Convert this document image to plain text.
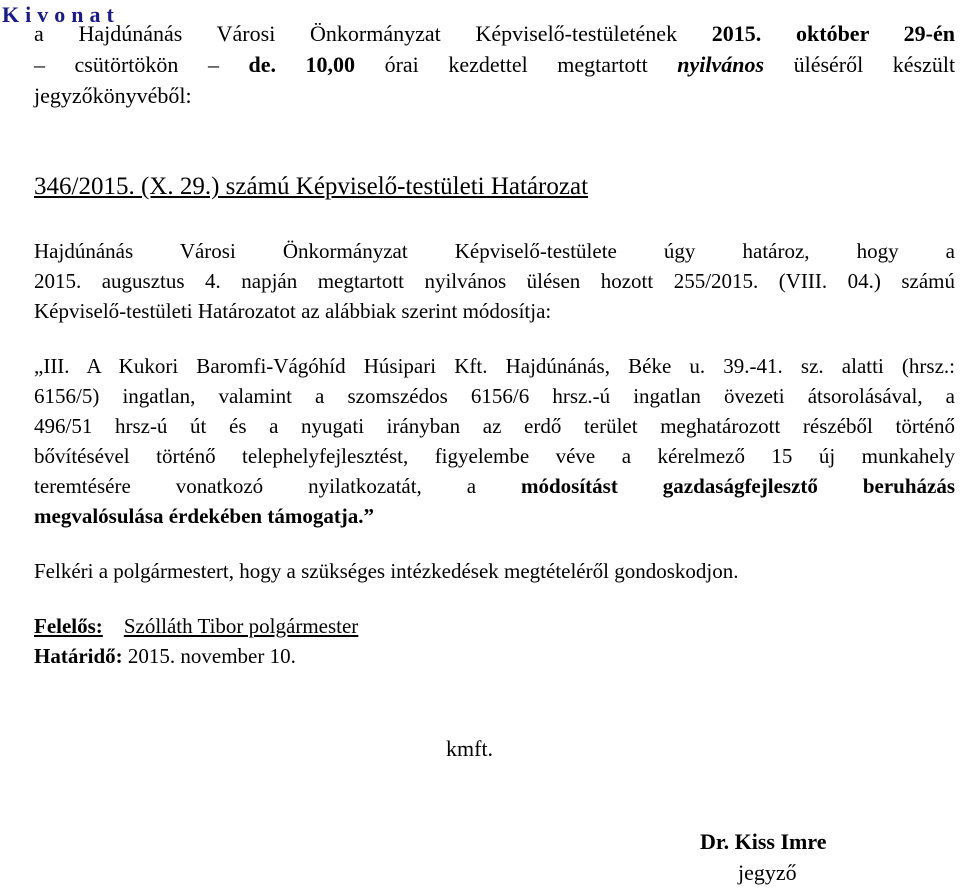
Kivonat

a Hajdúnánás Városi Önkormányzat Képviselő-testületének 2015. október 29-én
– csütörtökön – de. 10,00 órai kezdettel megtartott nyilvános üléséről készült
jegyzőkönyvéből:

346/2015. (X. 29.) számú Képviselő-testületi Határozat

Hajdúnánás Városi Önkormányzat Képviselő-testülete úgy határoz, hogy a
2015. augusztus 4. napján megtartott nyilvános ülésen hozott 255/2015. (VIII. 04.) számú
Képviselő-testületi Határozatot az alábbiak szerint módosítja:

„III. A Kukori Baromfi-Vágóhíd Húsipari Kft. Hajdúnánás, Béke u. 39.-41. sz. alatti (hrsz.:
6156/5) ingatlan, valamint a szomszédos 6156/6 hrsz.-ú ingatlan övezeti átsorolásával, a
496/51 hrsz-ú út és a nyugati irányban az erdő terület meghatározott részéből történő
bővítésével történő telephelyfejlesztést, figyelembe véve a kérelmező 15 új munkahely
teremtésére vonatkozó nyilatkozatát, a módosítást gazdaságfejlesztő beruházás
megvalósulása érdekében támogatja.”

Felkéri a polgármestert, hogy a szükséges intézkedések megtételéről gondoskodjon.

Felelős: Szólláth Tibor polgármester
Határidő: 2015. november 10.

kmft.

Dr. Kiss Imre
jegyző
